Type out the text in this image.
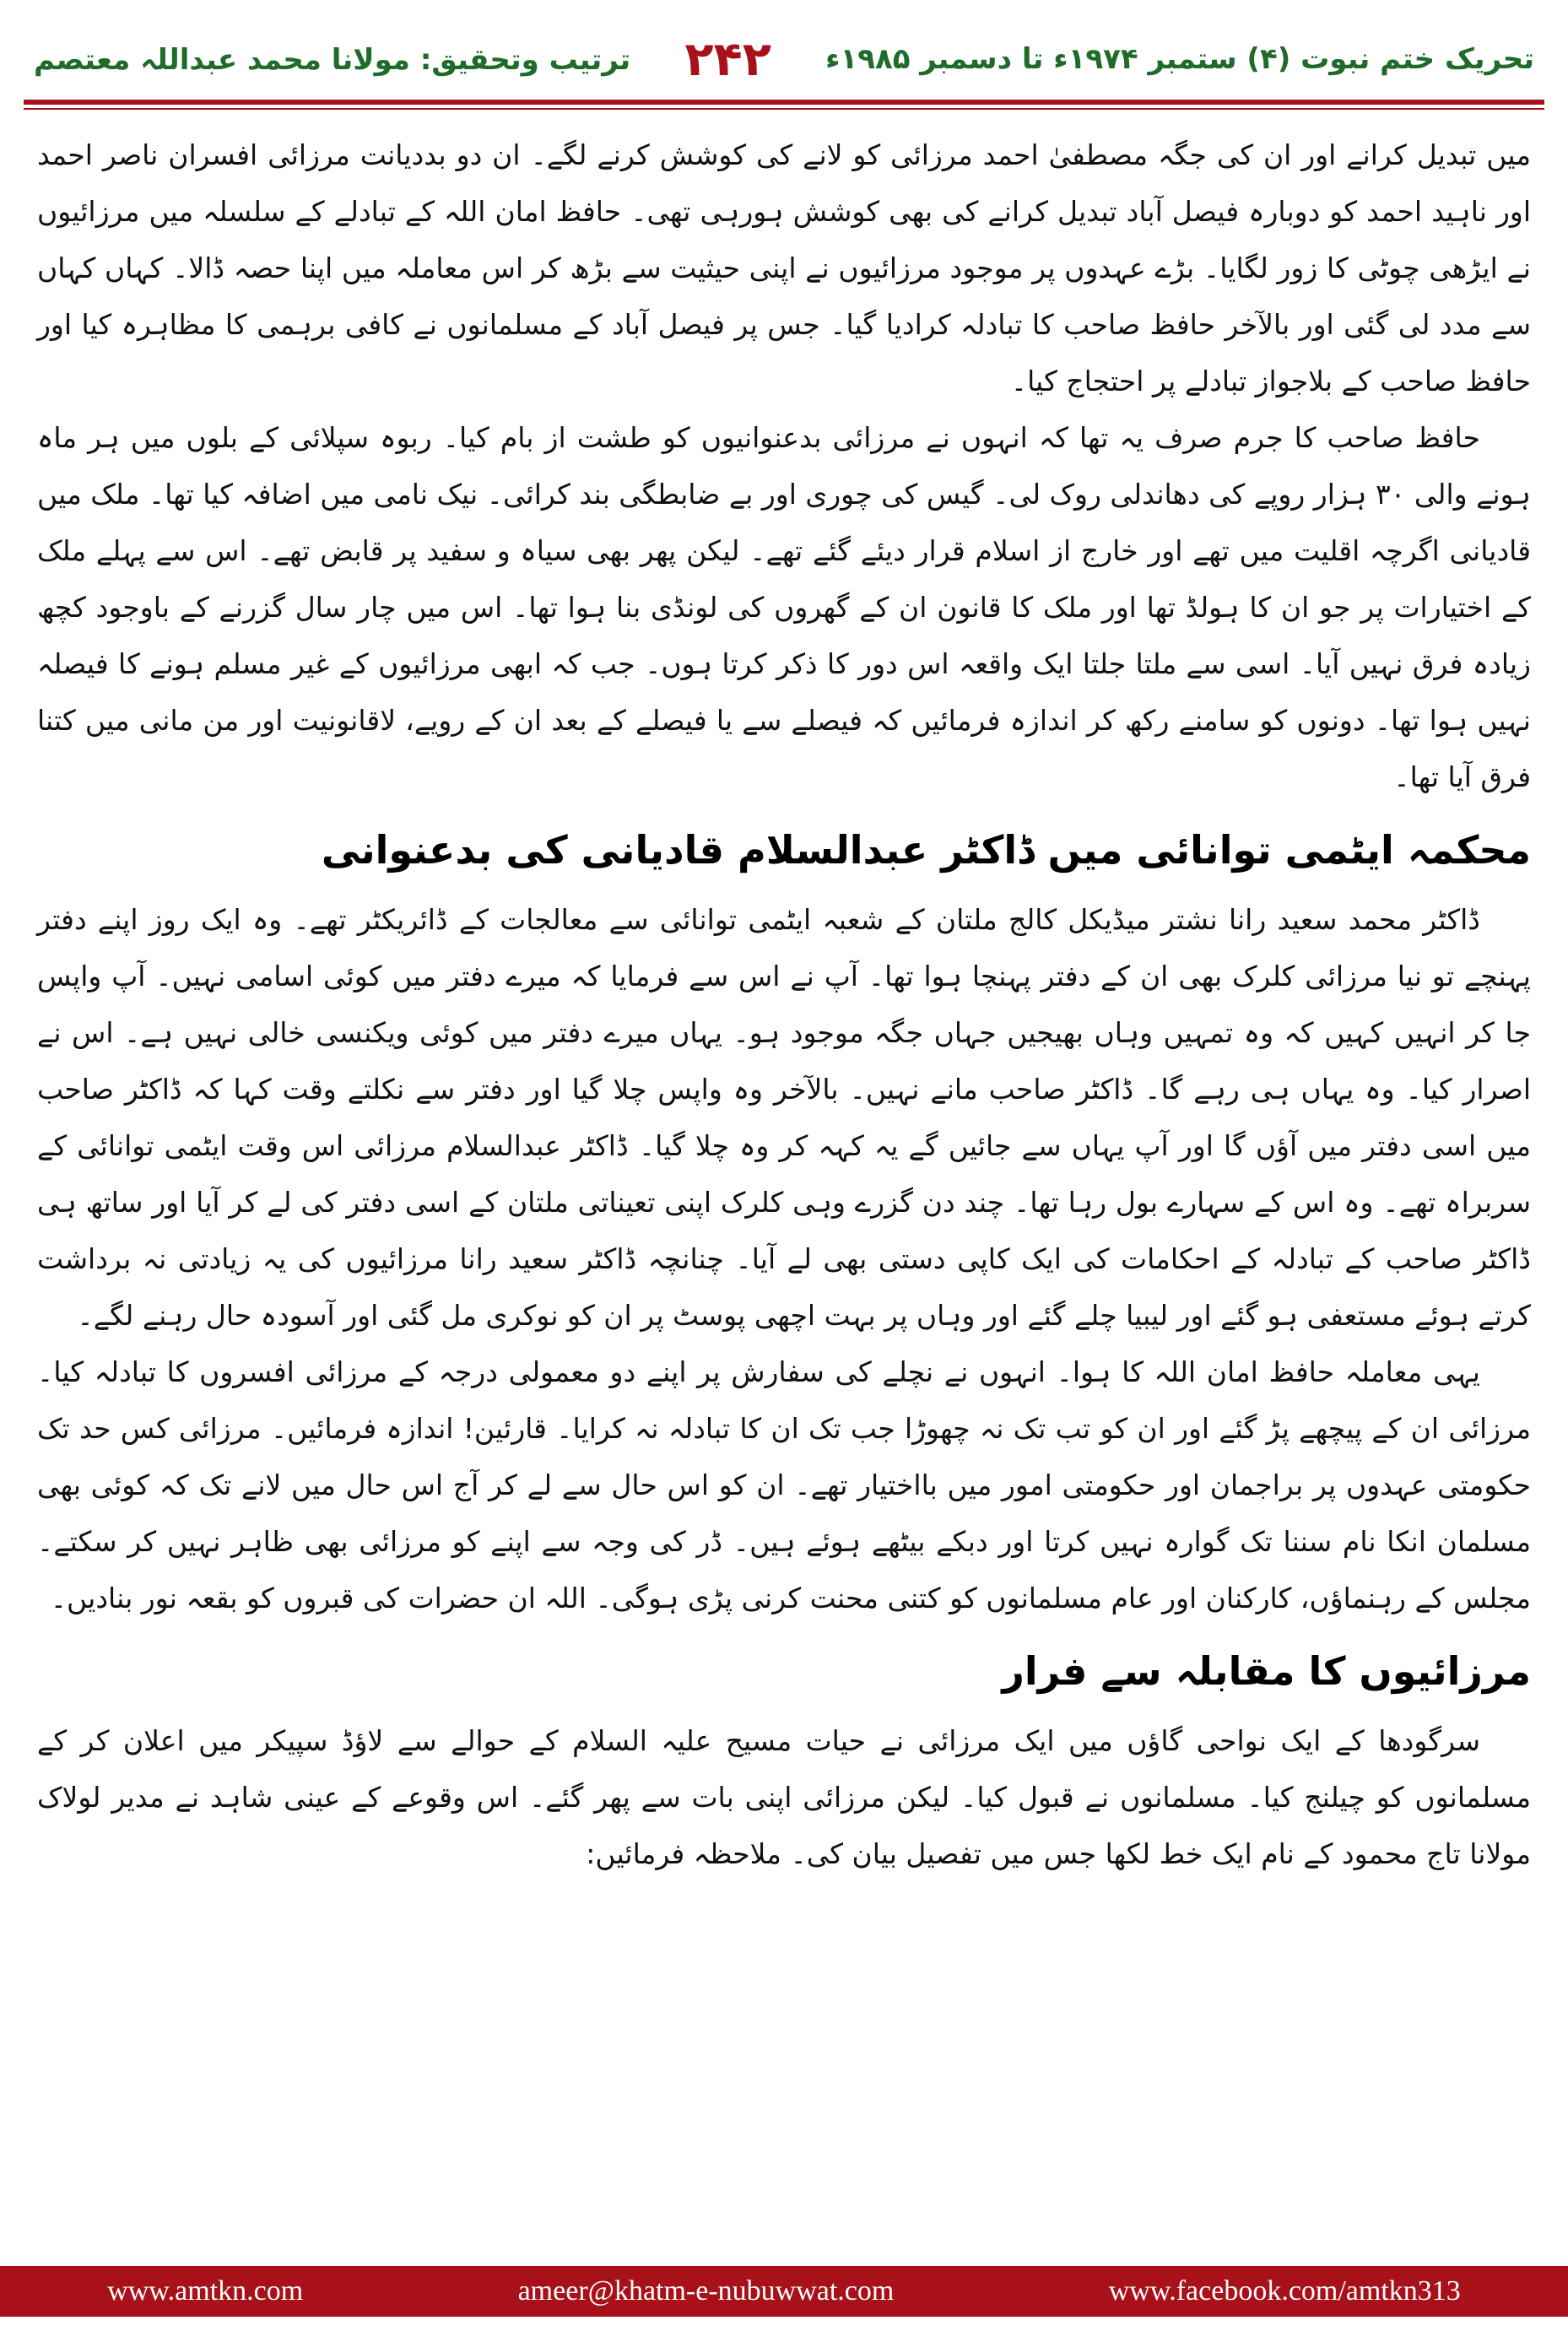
ترتیب وتحقیق: مولانا محمد عبداللہ معتصم ۲۴۲ تحریک ختم نبوت (۴) ستمبر ۱۹۷۴ء تا دسمبر ۱۹۸۵ء

میں تبدیل کرانے اور ان کی جگہ مصطفیٰ احمد مرزائی کو لانے کی کوشش کرنے لگے۔ ان دو بددیانت مرزائی افسران ناصر احمد اور ناہید احمد کو دوبارہ فیصل آباد تبدیل کرانے کی بھی کوشش ہورہی تھی۔ حافظ امان اللہ کے تبادلے کے سلسلہ میں مرزائیوں نے ایڑھی چوٹی کا زور لگایا۔ بڑے عہدوں پر موجود مرزائیوں نے اپنی حیثیت سے بڑھ کر اس معاملہ میں اپنا حصہ ڈالا۔ کہاں کہاں سے مدد لی گئی اور بالآخر حافظ صاحب کا تبادلہ کرادیا گیا۔ جس پر فیصل آباد کے مسلمانوں نے کافی برہمی کا مظاہرہ کیا اور حافظ صاحب کے بلاجواز تبادلے پر احتجاج کیا۔

حافظ صاحب کا جرم صرف یہ تھا کہ انہوں نے مرزائی بدعنوانیوں کو طشت از بام کیا۔ ربوہ سپلائی کے بلوں میں ہر ماہ ہونے والی ۳۰ ہزار روپے کی دھاندلی روک لی۔ گیس کی چوری اور بے ضابطگی بند کرائی۔ نیک نامی میں اضافہ کیا تھا۔ ملک میں قادیانی اگرچہ اقلیت میں تھے اور خارج از اسلام قرار دیئے گئے تھے۔ لیکن پھر بھی سیاہ و سفید پر قابض تھے۔ اس سے پہلے ملک کے اختیارات پر جو ان کا ہولڈ تھا اور ملک کا قانون ان کے گھروں کی لونڈی بنا ہوا تھا۔ اس میں چار سال گزرنے کے باوجود کچھ زیادہ فرق نہیں آیا۔ اسی سے ملتا جلتا ایک واقعہ اس دور کا ذکر کرتا ہوں۔ جب کہ ابھی مرزائیوں کے غیر مسلم ہونے کا فیصلہ نہیں ہوا تھا۔ دونوں کو سامنے رکھ کر اندازہ فرمائیں کہ فیصلے سے یا فیصلے کے بعد ان کے رویے، لاقانونیت اور من مانی میں کتنا فرق آیا تھا۔

محکمہ ایٹمی توانائی میں ڈاکٹر عبدالسلام قادیانی کی بدعنوانی

ڈاکٹر محمد سعید رانا نشتر میڈیکل کالج ملتان کے شعبہ ایٹمی توانائی سے معالجات کے ڈائریکٹر تھے۔ وہ ایک روز اپنے دفتر پہنچے تو نیا مرزائی کلرک بھی ان کے دفتر پہنچا ہوا تھا۔ آپ نے اس سے فرمایا کہ میرے دفتر میں کوئی اسامی نہیں۔ آپ واپس جا کر انہیں کہیں کہ وہ تمہیں وہاں بھیجیں جہاں جگہ موجود ہو۔ یہاں میرے دفتر میں کوئی ویکنسی خالی نہیں ہے۔ اس نے اصرار کیا۔ وہ یہاں ہی رہے گا۔ ڈاکٹر صاحب مانے نہیں۔ بالآخر وہ واپس چلا گیا اور دفتر سے نکلتے وقت کہا کہ ڈاکٹر صاحب میں اسی دفتر میں آؤں گا اور آپ یہاں سے جائیں گے یہ کہہ کر وہ چلا گیا۔ ڈاکٹر عبدالسلام مرزائی اس وقت ایٹمی توانائی کے سربراہ تھے۔ وہ اس کے سہارے بول رہا تھا۔ چند دن گزرے وہی کلرک اپنی تعیناتی ملتان کے اسی دفتر کی لے کر آیا اور ساتھ ہی ڈاکٹر صاحب کے تبادلہ کے احکامات کی ایک کاپی دستی بھی لے آیا۔ چنانچہ ڈاکٹر سعید رانا مرزائیوں کی یہ زیادتی نہ برداشت کرتے ہوئے مستعفی ہو گئے اور لیبیا چلے گئے اور وہاں پر بہت اچھی پوسٹ پر ان کو نوکری مل گئی اور آسودہ حال رہنے لگے۔

یہی معاملہ حافظ امان اللہ کا ہوا۔ انہوں نے نچلے کی سفارش پر اپنے دو معمولی درجہ کے مرزائی افسروں کا تبادلہ کیا۔ مرزائی ان کے پیچھے پڑ گئے اور ان کو تب تک نہ چھوڑا جب تک ان کا تبادلہ نہ کرایا۔ قارئین! اندازہ فرمائیں۔ مرزائی کس حد تک حکومتی عہدوں پر براجمان اور حکومتی امور میں بااختیار تھے۔ ان کو اس حال سے لے کر آج اس حال میں لانے تک کہ کوئی بھی مسلمان انکا نام سننا تک گوارہ نہیں کرتا اور دبکے بیٹھے ہوئے ہیں۔ ڈر کی وجہ سے اپنے کو مرزائی بھی ظاہر نہیں کر سکتے۔ مجلس کے رہنماؤں، کارکنان اور عام مسلمانوں کو کتنی محنت کرنی پڑی ہوگی۔ اللہ ان حضرات کی قبروں کو بقعہ نور بنادیں۔

مرزائیوں کا مقابلہ سے فرار

سرگودھا کے ایک نواحی گاؤں میں ایک مرزائی نے حیات مسیح علیہ السلام کے حوالے سے لاؤڈ سپیکر میں اعلان کر کے مسلمانوں کو چیلنج کیا۔ مسلمانوں نے قبول کیا۔ لیکن مرزائی اپنی بات سے پھر گئے۔ اس وقوعے کے عینی شاہد نے مدیر لولاک مولانا تاج محمود کے نام ایک خط لکھا جس میں تفصیل بیان کی۔ ملاحظہ فرمائیں:

www.amtkn.com	ameer@khatm-e-nubuwwat.com	www.facebook.com/amtkn313
